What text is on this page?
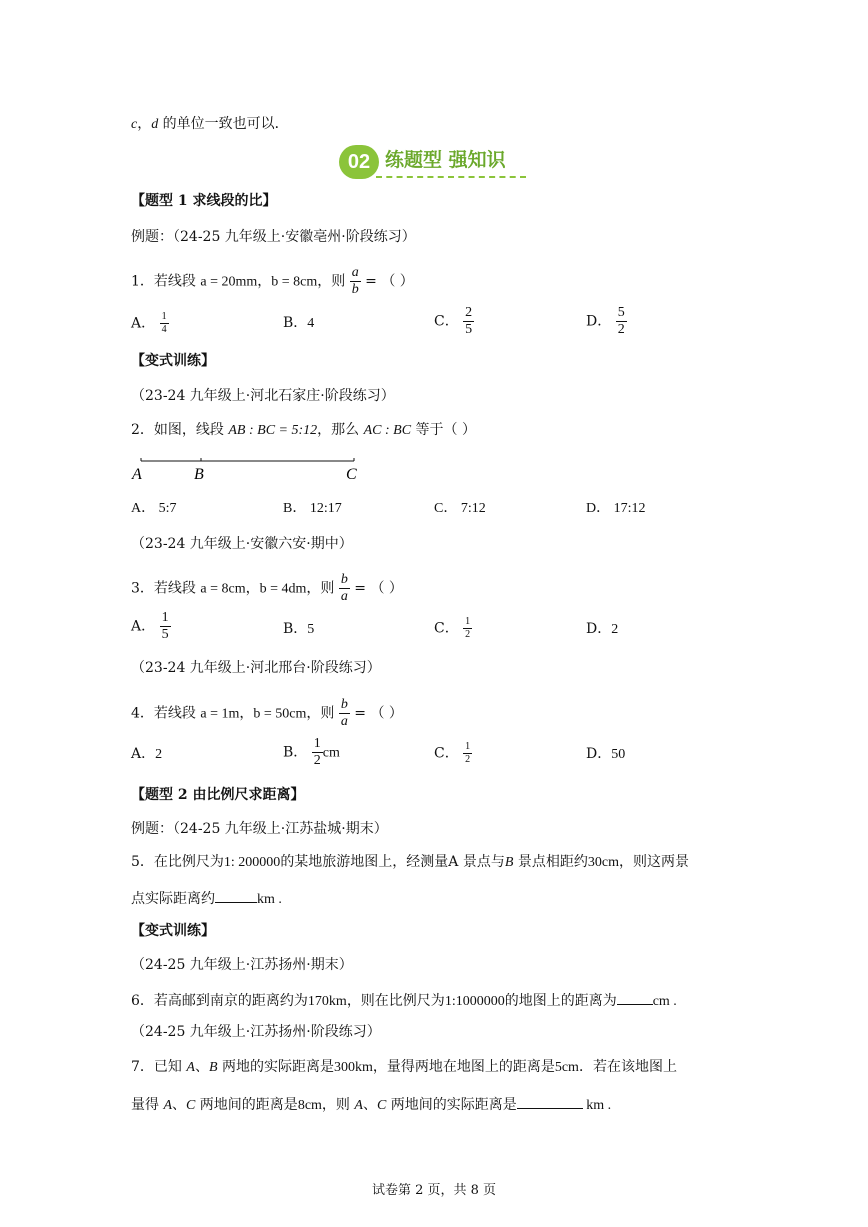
c，d 的单位一致也可以．
02 练题型 强知识
【题型 1 求线段的比】
例题：（24-25 九年级上·安徽亳州·阶段练习）
1．若线段 a = 20mm，b = 8cm，则 $\frac{a}{b}$ = （ ）
A． $\frac{1}{4}$	B．4	C． $\frac{2}{5}$	D． $\frac{5}{2}$
【变式训练】
（23-24 九年级上·河北石家庄·阶段练习）
2．如图，线段 AB : BC = 5:12，那么 AC : BC 等于（ ）
A	B	C
A． 5:7	B． 12:17	C． 7:12	D． 17:12
（23-24 九年级上·安徽六安·期中）
3．若线段 a = 8cm，b = 4dm，则 $\frac{b}{a}$ = （ ）
A． $\frac{1}{5}$	B．5	C． $\frac{1}{2}$	D．2
（23-24 九年级上·河北邢台·阶段练习）
4．若线段 a = 1m，b = 50cm，则 $\frac{b}{a}$ = （ ）
A．2	B． $\frac{1}{2}$ cm	C． $\frac{1}{2}$	D．50
【题型 2 由比例尺求距离】
例题：（24-25 九年级上·江苏盐城·期末）
5．在比例尺为1: 200000的某地旅游地图上，经测量A 景点与B 景点相距约30cm，则这两景
点实际距离约	km .
【变式训练】
（24-25 九年级上·江苏扬州·期末）
6．若高邮到南京的距离约为170km，则在比例尺为1:1000000的地图上的距离为	cm .
（24-25 九年级上·江苏扬州·阶段练习）
7．已知 A、B 两地的实际距离是300km，量得两地在地图上的距离是5cm．若在该地图上
量得 A、C 两地间的距离是8cm，则 A、C 两地间的实际距离是	km .
试卷第 2 页，共 8 页
